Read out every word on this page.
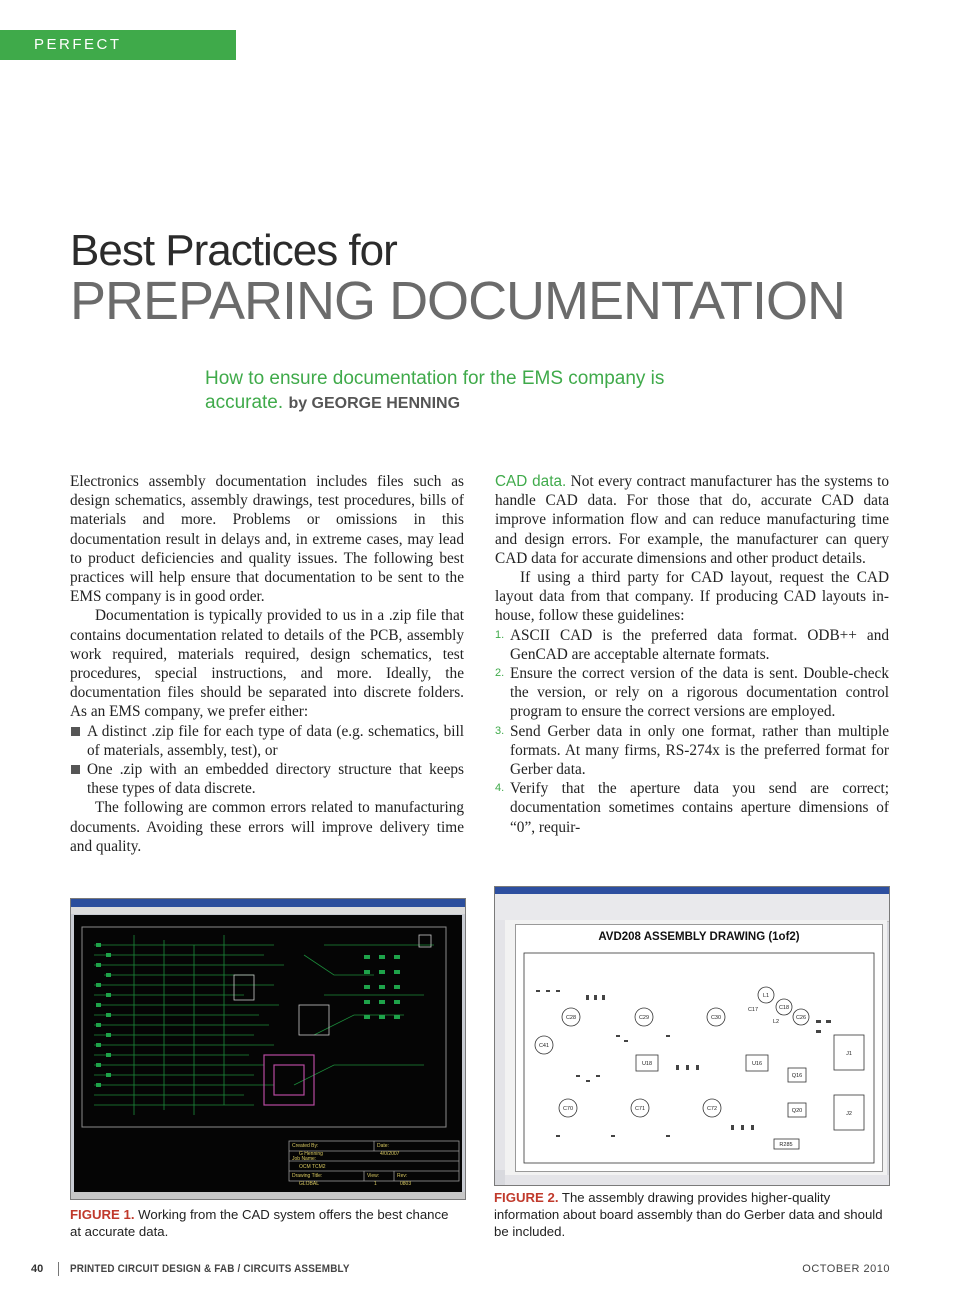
PERFECT PAPERWORK
Best Practices for
PREPARING DOCUMENTATION
How to ensure documentation for the EMS company is accurate. by GEORGE HENNING

Electronics assembly documentation includes files such as design schematics, assembly drawings, test procedures, bills of materials and more. Problems or omissions in this documentation result in delays and, in extreme cases, may lead to product deficiencies and quality issues. The following best practices will help ensure that documentation to be sent to the EMS company is in good order.

Documentation is typically provided to us in a .zip file that contains documentation related to details of the PCB, assembly work required, materials required, design schematics, test procedures, special instructions, and more. Ideally, the documentation files should be separated into discrete folders. As an EMS company, we prefer either:

A distinct .zip file for each type of data (e.g. schematics, bill of materials, assembly, test), or
One .zip with an embedded directory structure that keeps these types of data discrete.

The following are common errors related to manufacturing documents. Avoiding these errors will improve delivery time and quality.

CAD data. Not every contract manufacturer has the systems to handle CAD data. For those that do, accurate CAD data improve information flow and can reduce manufacturing time and design errors. For example, the manufacturer can query CAD data for accurate dimensions and other product details.

If using a third party for CAD layout, request the CAD layout data from that company. If producing CAD layouts in-house, follow these guidelines:

1. ASCII CAD is the preferred data format. ODB++ and GenCAD are acceptable alternate formats.
2. Ensure the correct version of the data is sent. Double-check the version, or rely on a rigorous documentation control program to ensure the correct versions are employed.
3. Send Gerber data in only one format, rather than multiple formats. At many firms, RS-274x is the preferred format for Gerber data.
4. Verify that the aperture data you send are correct; documentation sometimes contains aperture dimensions of “0”, requir-
Created By:
G Henning
Date:
4/0/2007
Job Name:
OCM TCM2
Drawing Title:
GLOBAL
View:
1
Rev:
0803
AVD208 ASSEMBLY DRAWING (1of2)
L1
C17	C18
L2
C26
C28	C29	C30
C41
U18	U16
Q16
J1
C70	C71	C72	Q20	J2
R285
FIGURE 1. Working from the CAD system offers the best chance at accurate data.
FIGURE 2. The assembly drawing provides higher-quality information about board assembly than do Gerber data and should be included.
40 PRINTED CIRCUIT DESIGN & FAB / CIRCUITS ASSEMBLY	OCTOBER 2010
